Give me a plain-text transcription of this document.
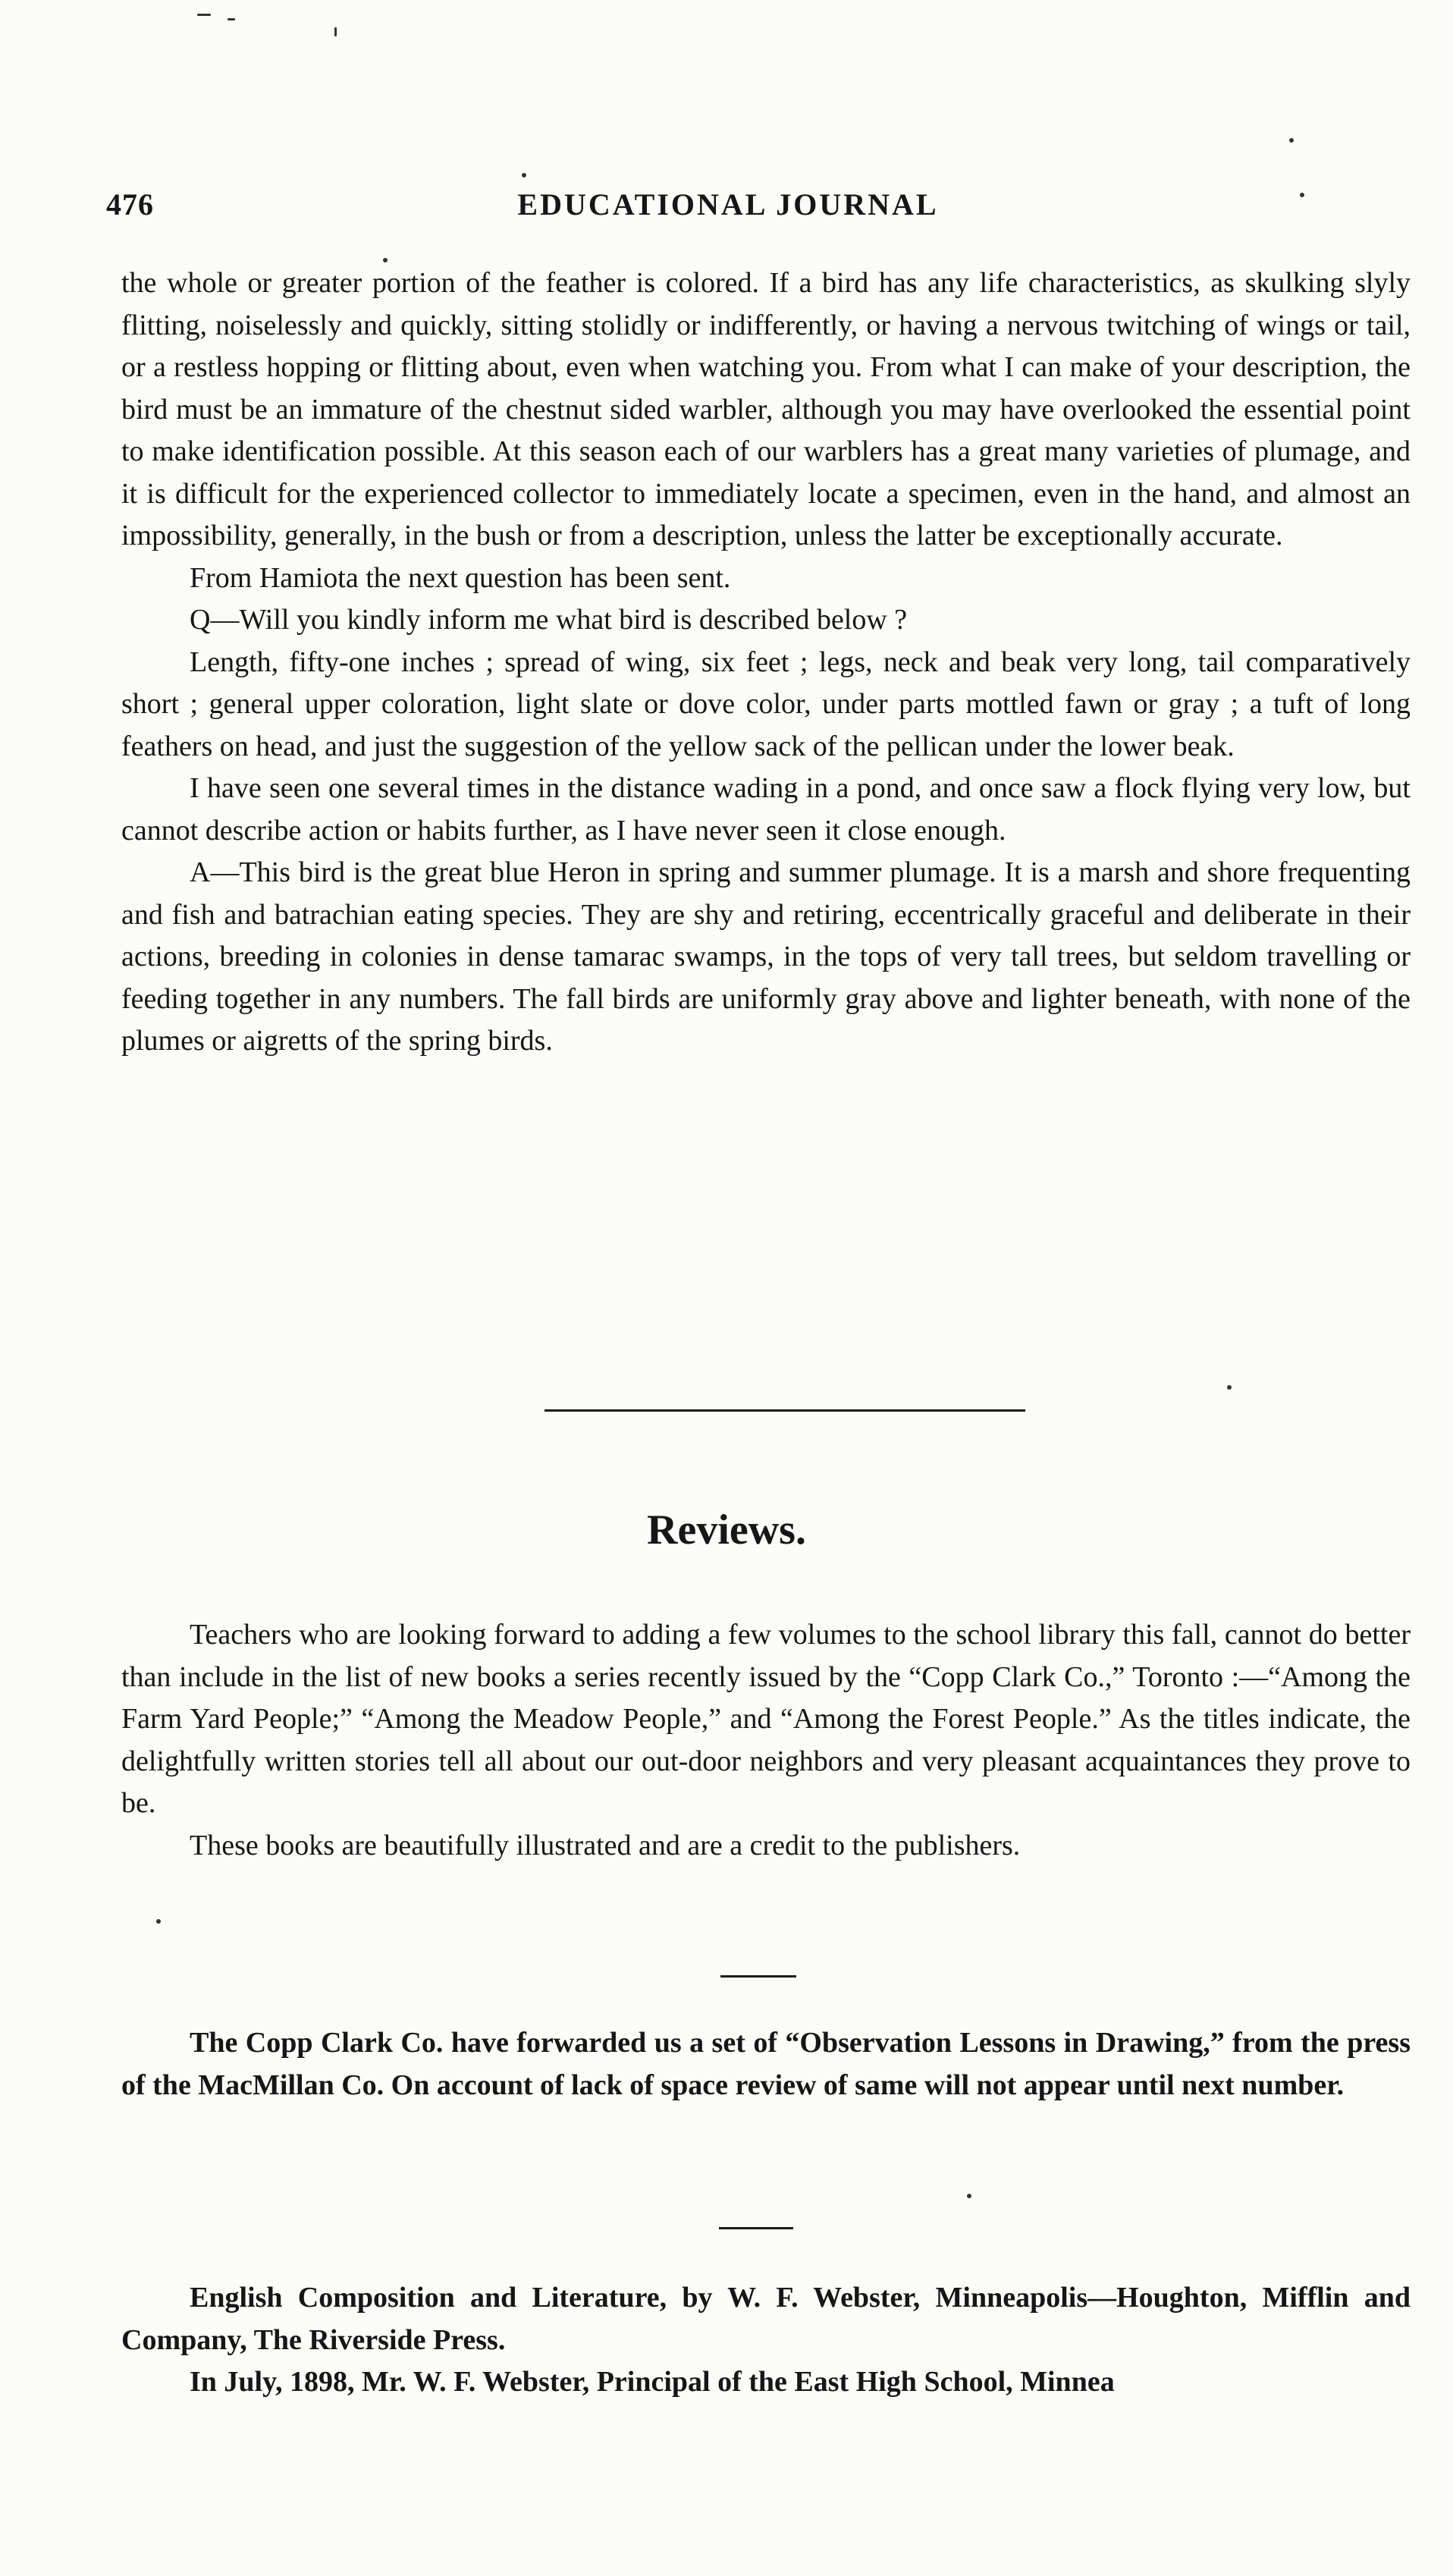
476	EDUCATIONAL JOURNAL

the whole or greater portion of the feather is colored. If a bird has any life characteristics, as skulking slyly flitting, noiselessly and quickly, sitting stolidly or indifferently, or having a nervous twitching of wings or tail, or a restless hopping or flitting about, even when watching you. From what I can make of your description, the bird must be an immature of the chestnut sided warbler, although you may have overlooked the essential point to make identification possible. At this season each of our warblers has a great many varieties of plumage, and it is difficult for the experienced collector to immediately locate a specimen, even in the hand, and almost an impossibility, generally, in the bush or from a description, unless the latter be exceptionally accurate.

From Hamiota the next question has been sent.

Q—Will you kindly inform me what bird is described below ?

Length, fifty-one inches ; spread of wing, six feet ; legs, neck and beak very long, tail comparatively short ; general upper coloration, light slate or dove color, under parts mottled fawn or gray ; a tuft of long feathers on head, and just the suggestion of the yellow sack of the pellican under the lower beak.

I have seen one several times in the distance wading in a pond, and once saw a flock flying very low, but cannot describe action or habits further, as I have never seen it close enough.

A—This bird is the great blue Heron in spring and summer plumage. It is a marsh and shore frequenting and fish and batrachian eating species. They are shy and retiring, eccentrically graceful and deliberate in their actions, breeding in colonies in dense tamarac swamps, in the tops of very tall trees, but seldom travelling or feeding together in any numbers. The fall birds are uniformly gray above and lighter beneath, with none of the plumes or aigretts of the spring birds.

Reviews.

Teachers who are looking forward to adding a few volumes to the school library this fall, cannot do better than include in the list of new books a series recently issued by the “Copp Clark Co.,” Toronto :—“Among the Farm Yard People;” “Among the Meadow People,” and “Among the Forest People.” As the titles indicate, the delightfully written stories tell all about our out-door neighbors and very pleasant acquaintances they prove to be.

These books are beautifully illustrated and are a credit to the publishers.

The Copp Clark Co. have forwarded us a set of “Observation Lessons in Drawing,” from the press of the MacMillan Co. On account of lack of space review of same will not appear until next number.

English Composition and Literature, by W. F. Webster, Minneapolis—Houghton, Mifflin and Company, The Riverside Press.

In July, 1898, Mr. W. F. Webster, Principal of the East High School, Minnea
